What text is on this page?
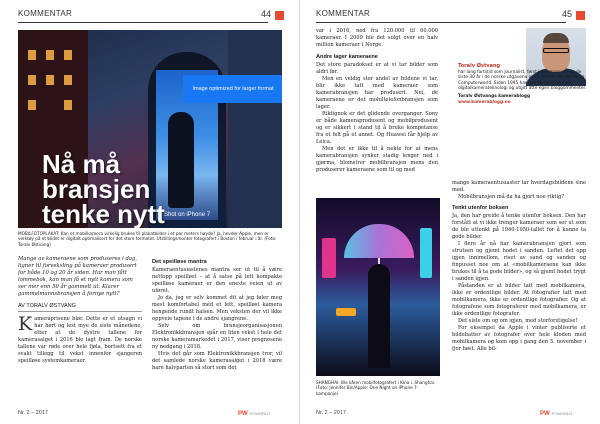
KOMMENTAR	44
Image optimized for larger format
Shot on iPhone 7
Nå må
bransjen
tenke nytt
MOBILFOTOPLAKAT: Kan et mobilkamera virkelig brukes til plakatbilder i et par meters høyde? Ja, hevder Apple, men er verktøy på et bildet er digitalt optimalisert for det store formatet. Utstillingsmonter fotografert i Boston i februar i år. (Foto: Toralv Østvang)
Mange av kameraene som produseres i dag, ligner til forveksling på kameraer produsert for både 10 og 20 år siden. Har man fått lommebok, kan man få et nytt kamera som ser mer enn 50 år gammelt ut. Klarer gammelmannsbransjen å fornye nytt?
AV TORALV ØSTVANG

Kameraprisene blør. Dette er et utsagn vi har hørt og lest mye de siste månedene, etter at de dystre tallene for kamerasalget i 2016 ble lagt fram. De norske tallene var røde over hele fjøla, bortsett fra et svakt tillegg til vekst innenfor sjangeren speilløse systemkameraer.

Det speilløse mantra

Kameraentusiastenes mantra ser ut til å være nettopp speilløst – at å satse på lett kompakte speilløse kameraer er den eneste veien ut av uføret.

Jo da, jeg er selv kommet dit at jeg føler meg mest komfortabel med et lett, speilløst kamera hengende rundt halsen. Men veksten der vil ikke oppveie tapene i de andre sjangrene.

Selv om bransjeorganisasjonen Elektronikkbransjen spår en liten vekst i hele det norske kameramarkedet i 2017, viser prognosene ny nedgang i 2018.

Hvis det går som Elektronikkbransjen tror, vil det samlede norske kamerasalget i 2018 være bare halvparten så stort som det

Nr. 2 – 2017	PW PCWORLD
KOMMENTAR	45

var i 2016, ned fra 120.000 til 60.000 kameraer. I 2009 ble det solgt over en halv million kameraer i Norge.

Andre lager kameraene

Det store paradokset er at vi tar bilder som aldri før.

Men en veldig stor andel av bildene vi tar, blir ikke tatt med kameraer som kamerabransjen har produsert. Nei, de kameraene er det mobiltelefonbransjen som lager.

Riktignok er det glidende overganger. Sony er både kameraprodusent og mobilprodusent og er sikkert i stand til å bruke kompetanse fra et felt på et annet. Og Huawei får hjelp av Leica.

Men det er ikke til å nekte for at mens kamerabransjen synker stadig lenger ned i gjørma, blomstrer mobilbransjen mens den produserer kameraene som til og med

Toralv Østvang
har lang fartstid som journalist, først i dagspressen og de siste 30 år i de norske utgavene av PC World, Macworld og Computerworld. Siden 1995 har han skrevet mye om digitalkamerateknologi og utgitt åtte egen bloggommenter.
Toralv Østvangs kamerablogg
www.kamerablogg.no
SHANGHAI: Ble kåren mobilfotografert i Kina i. Shanghai. (Foto: Jennifer Bin/Apple: One Night on iPhone 7-kampanje)

mange kameraentusiaster tar hverdagsbildene sine med.

Mobilbransjen må da ha gjort noe riktig?

Tenkt utenfor boksen

Ja, den har greide å tenke utenfor boksen. Den har forstått at vi ikke trenger kameraer som ser ut som de ble uttenkt på 1940-1950-tallet for å kunne ta gode bilder.

I flere år nå har kamerabransjen gjort som strutsen og gjemt hodet i sanden. Leftet det opp igjen innimellom, riset av sand og sanden og finpusset noe om at «mobilkameraene kan ikke brukes til å ta gode bilder», og så gjemt hodet trygt i sanden igjen.

Påstanden er at bilder tatt med mobilkamera, ikke er ordentlige bilder. At fotografier tatt med mobilkamera, ikke er ordentlige fotografier. Og at fotografene som fotograferer med mobilkamera, er ikke ordentlige fotografer.

Det siste om og om igjen, med storforstigelse!

For eksempel da Apple i vinter publiserte et bildebatter av fotografer over hele kloden med mobilkamera og kom opp i gang den 5. november i fjor høst. Alle bil-

Nr. 2 – 2017	PW PCWORLD
